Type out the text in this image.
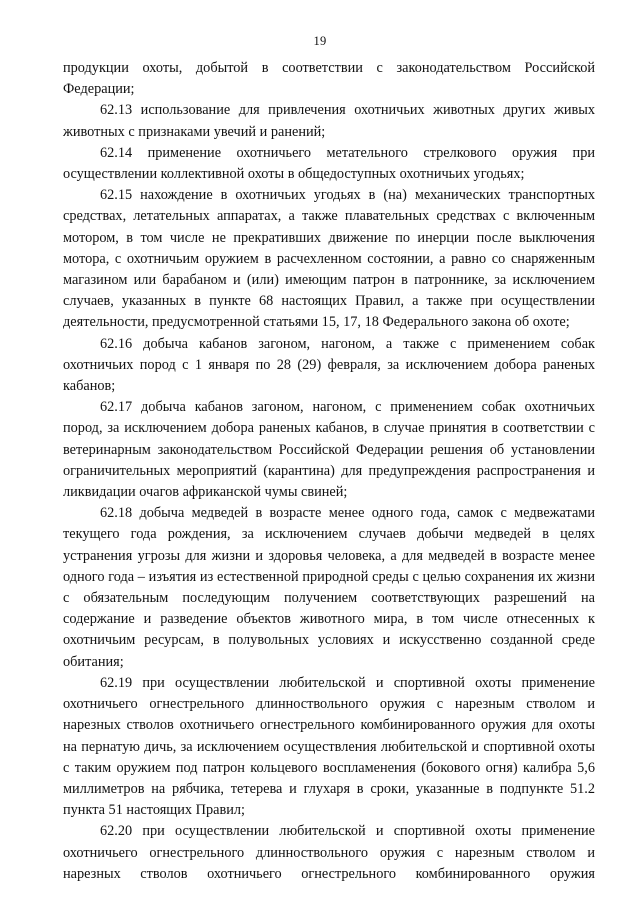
19

продукции охоты, добытой в соответствии с законодательством Российской Федерации;

62.13 использование для привлечения охотничьих животных других живых животных с признаками увечий и ранений;

62.14 применение охотничьего метательного стрелкового оружия при осуществлении коллективной охоты в общедоступных охотничьих угодьях;

62.15 нахождение в охотничьих угодьях в (на) механических транспортных средствах, летательных аппаратах, а также плавательных средствах с включенным мотором, в том числе не прекративших движение по инерции после выключения мотора, с охотничьим оружием в расчехленном состоянии, а равно со снаряженным магазином или барабаном и (или) имеющим патрон в патроннике, за исключением случаев, указанных в пункте 68 настоящих Правил, а также при осуществлении деятельности, предусмотренной статьями 15, 17, 18 Федерального закона об охоте;

62.16 добыча кабанов загоном, нагоном, а также с применением собак охотничьих пород с 1 января по 28 (29) февраля, за исключением добора раненых кабанов;

62.17 добыча кабанов загоном, нагоном, с применением собак охотничьих пород, за исключением добора раненых кабанов, в случае принятия в соответствии с ветеринарным законодательством Российской Федерации решения об установлении ограничительных мероприятий (карантина) для предупреждения распространения и ликвидации очагов африканской чумы свиней;

62.18 добыча медведей в возрасте менее одного года, самок с медвежатами текущего года рождения, за исключением случаев добычи медведей в целях устранения угрозы для жизни и здоровья человека, а для медведей в возрасте менее одного года – изъятия из естественной природной среды с целью сохранения их жизни с обязательным последующим получением соответствующих разрешений на содержание и разведение объектов животного мира, в том числе отнесенных к охотничьим ресурсам, в полувольных условиях и искусственно созданной среде обитания;

62.19 при осуществлении любительской и спортивной охоты применение охотничьего огнестрельного длинноствольного оружия с нарезным стволом и нарезных стволов охотничьего огнестрельного комбинированного оружия для охоты на пернатую дичь, за исключением осуществления любительской и спортивной охоты с таким оружием под патрон кольцевого воспламенения (бокового огня) калибра 5,6 миллиметров на рябчика, тетерева и глухаря в сроки, указанные в подпункте 51.2 пункта 51 настоящих Правил;

62.20 при осуществлении любительской и спортивной охоты применение охотничьего огнестрельного длинноствольного оружия с нарезным стволом и нарезных стволов охотничьего огнестрельного комбинированного оружия
